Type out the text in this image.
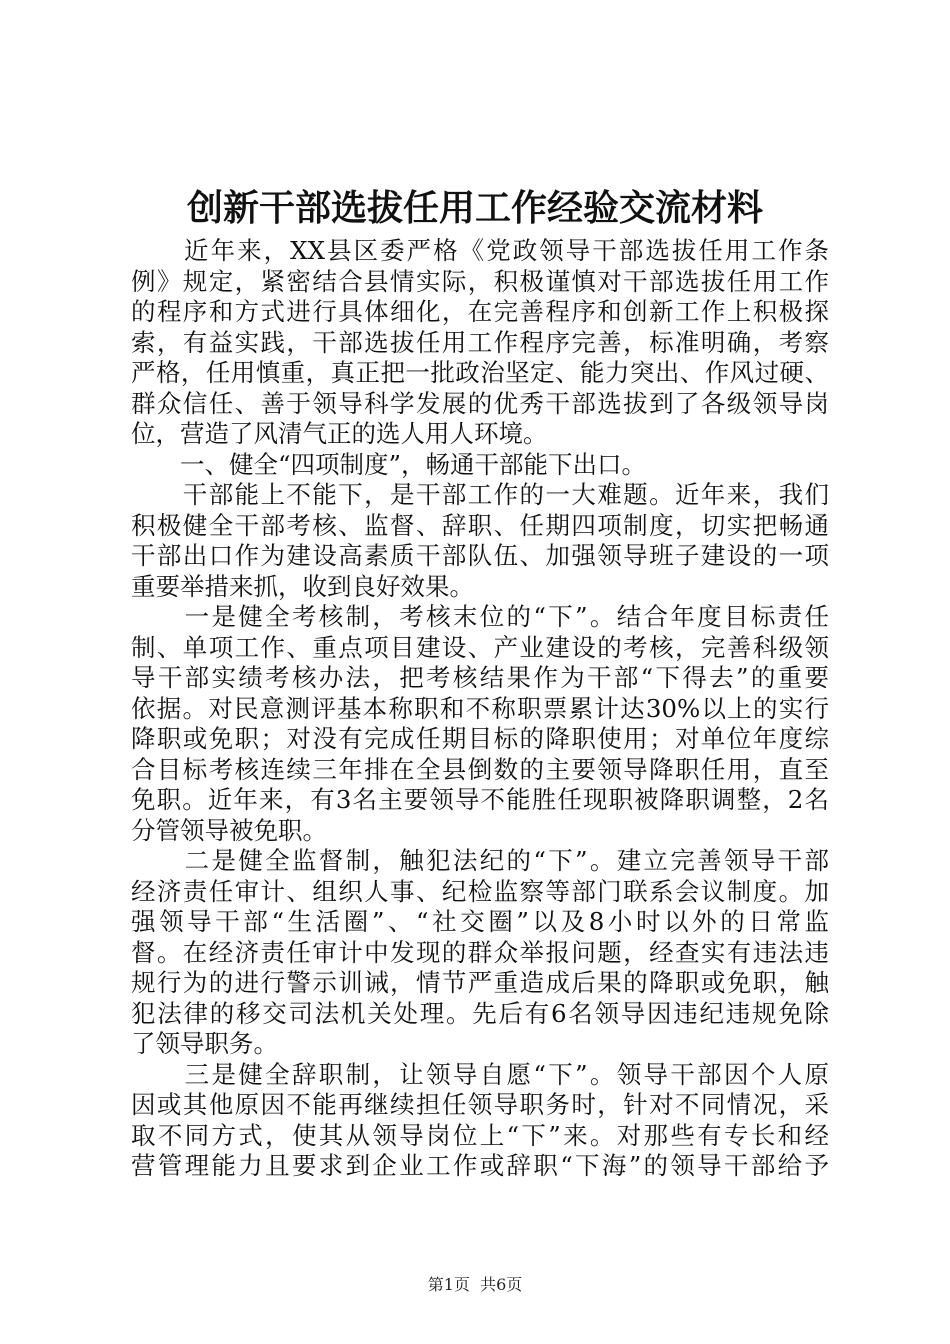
创新干部选拔任用工作经验交流材料
　　近年来，XX县区委严格《党政领导干部选拔任用工作条
例》规定，紧密结合县情实际，积极谨慎对干部选拔任用工作
的程序和方式进行具体细化，在完善程序和创新工作上积极探
索，有益实践，干部选拔任用工作程序完善，标准明确，考察
严格，任用慎重，真正把一批政治坚定、能力突出、作风过硬、
群众信任、善于领导科学发展的优秀干部选拔到了各级领导岗
位，营造了风清气正的选人用人环境。
　　一、健全“四项制度”，畅通干部能下出口。
　　干部能上不能下，是干部工作的一大难题。近年来，我们
积极健全干部考核、监督、辞职、任期四项制度，切实把畅通
干部出口作为建设高素质干部队伍、加强领导班子建设的一项
重要举措来抓，收到良好效果。
　　一是健全考核制，考核末位的“下”。结合年度目标责任
制、单项工作、重点项目建设、产业建设的考核，完善科级领
导干部实绩考核办法，把考核结果作为干部“下得去”的重要
依据。对民意测评基本称职和不称职票累计达30%以上的实行
降职或免职；对没有完成任期目标的降职使用；对单位年度综
合目标考核连续三年排在全县倒数的主要领导降职任用，直至
免职。近年来，有3名主要领导不能胜任现职被降职调整，2名
分管领导被免职。
　　二是健全监督制，触犯法纪的“下”。建立完善领导干部
经济责任审计、组织人事、纪检监察等部门联系会议制度。加
强领导干部“生活圈”、“社交圈”以及8小时以外的日常监
督。在经济责任审计中发现的群众举报问题，经查实有违法违
规行为的进行警示训诫，情节严重造成后果的降职或免职，触
犯法律的移交司法机关处理。先后有6名领导因违纪违规免除
了领导职务。
　　三是健全辞职制，让领导自愿“下”。领导干部因个人原
因或其他原因不能再继续担任领导职务时，针对不同情况，采
取不同方式，使其从领导岗位上“下”来。对那些有专长和经
营管理能力且要求到企业工作或辞职“下海”的领导干部给予
第1页 共6页
